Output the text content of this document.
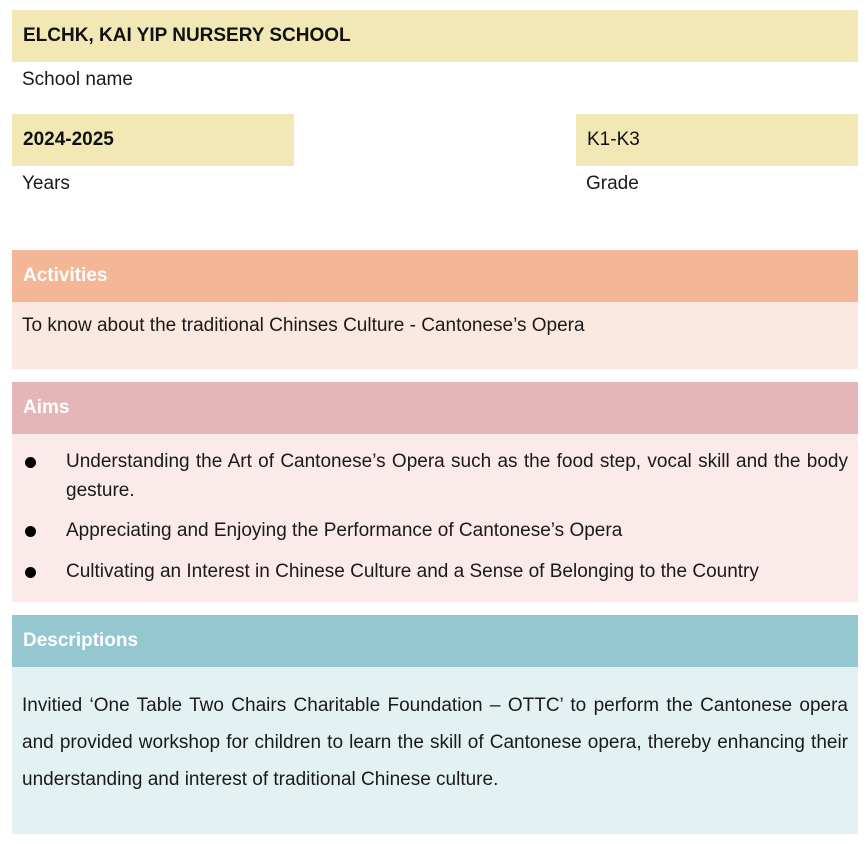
ELCHK, KAI YIP NURSERY SCHOOL
School name
2024-2025
Years
K1-K3
Grade
Activities
To know about the traditional Chinses Culture - Cantonese’s Opera
Aims
Understanding the Art of Cantonese’s Opera such as the food step, vocal skill and the body gesture.
Appreciating and Enjoying the Performance of Cantonese’s Opera
Cultivating an Interest in Chinese Culture and a Sense of Belonging to the Country
Descriptions
Invitied ‘One Table Two Chairs Charitable Foundation – OTTC’ to perform the Cantonese opera and provided workshop for children to learn the skill of Cantonese opera, thereby enhancing their understanding and interest of traditional Chinese culture.
